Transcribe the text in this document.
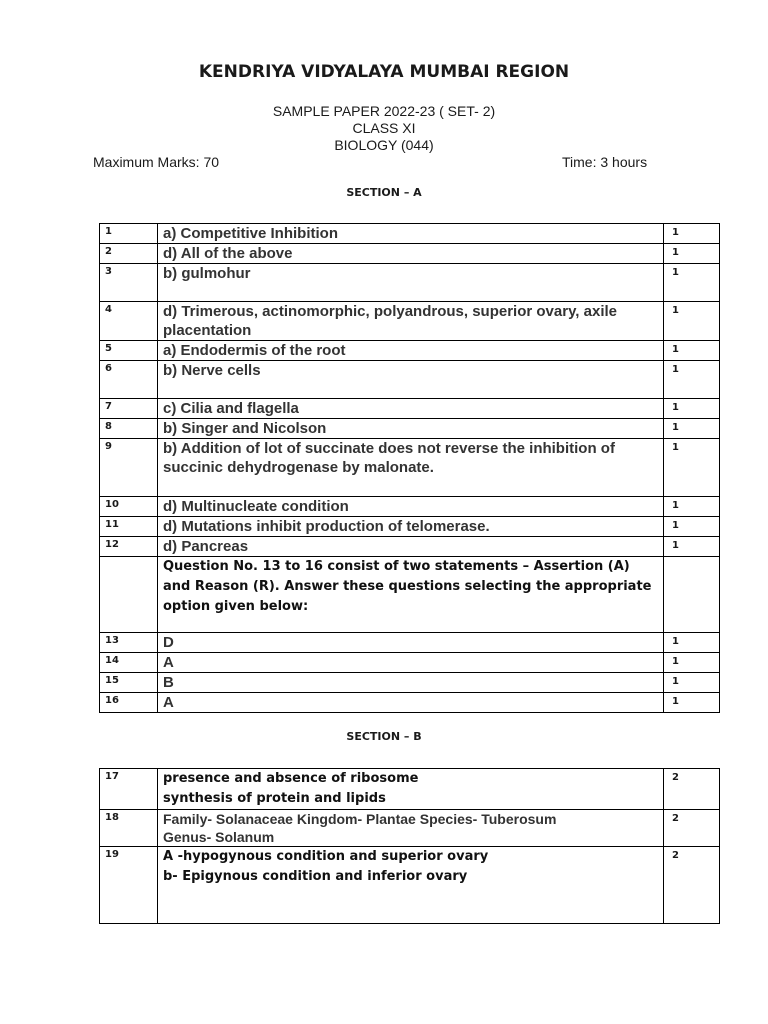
KENDRIYA VIDYALAYA MUMBAI REGION
SAMPLE PAPER 2022-23 ( SET- 2)
CLASS XI
BIOLOGY (044)
Maximum Marks: 70	Time: 3 hours
SECTION – A
1	a) Competitive Inhibition	1
2	d) All of the above	1
3	b) gulmohur	1
4	d) Trimerous, actinomorphic, polyandrous, superior ovary, axile placentation	1
5	a) Endodermis of the root	1
6	b) Nerve cells	1
7	c) Cilia and flagella	1
8	b) Singer and Nicolson	1
9	b) Addition of lot of succinate does not reverse the inhibition of succinic dehydrogenase by malonate.	1
10	d) Multinucleate condition	1
11	d) Mutations inhibit production of telomerase.	1
12	d) Pancreas	1
	Question No. 13 to 16 consist of two statements – Assertion (A) and Reason (R). Answer these questions selecting the appropriate option given below:	
13	D	1
14	A	1
15	B	1
16	A	1
SECTION – B
17	presence and absence of ribosome
synthesis of protein and lipids	2
18	Family- Solanaceae Kingdom- Plantae Species- Tuberosum
Genus- Solanum	2
19	A -hypogynous condition and superior ovary
b- Epigynous condition and inferior ovary	2
